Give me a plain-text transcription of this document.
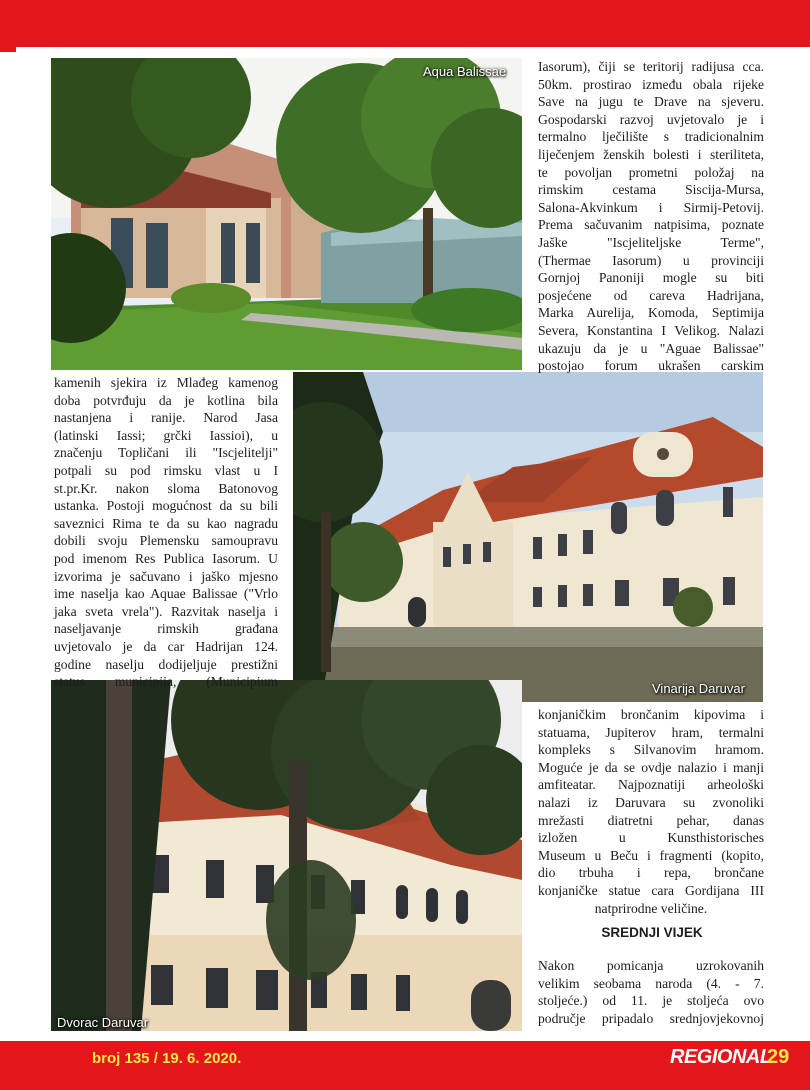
Aqua Balissae
Vinarija Daruvar
Dvorac Daruvar
Iasorum), čiji se teritorij radijusa cca.
50km. prostirao između obala rijeke
Save na jugu te Drave na sjeveru.
Gospodarski razvoj uvjetovalo je i
termalno lječilište s tradicionalnim
liječenjem ženskih bolesti i steriliteta,
te povoljan prometni položaj na
rimskim cestama Siscija-Mursa,
Salona-Akvinkum i Sirmij-Petovij.
Prema sačuvanim natpisima, poznate
Jaške "Iscjeliteljske Terme",
(Thermae Iasorum) u provinciji
Gornjoj Panoniji mogle su biti
posjećene od careva Hadrijana,
Marka Aurelija, Komoda, Septimija
Severa, Konstantina I Velikog. Nalazi
ukazuju da je u "Aguae Balissae"
postojao forum ukrašen carskim
kamenih sjekira iz Mlađeg kamenog
doba potvrđuju da je kotlina bila
nastanjena i ranije. Narod Jasa
(latinski Iassi; grčki Iassioi), u
značenju Topličani ili "Iscjelitelji"
potpali su pod rimsku vlast u I
st.pr.Kr. nakon sloma Batonovog
ustanka. Postoji mogućnost da su bili
saveznici Rima te da su kao nagradu
dobili svoju Plemensku samoupravu
pod imenom Res Publica Iasorum. U
izvorima je sačuvano i jaško mjesno
ime naselja kao Aquae Balissae ("Vrlo
jaka sveta vrela"). Razvitak naselja i
naseljavanje rimskih građana
uvjetovalo je da car Hadrijan 124.
godine naselju dodijeljuje prestižni
status municipija, (Municipium
konjaničkim brončanim kipovima i
statuama, Jupiterov hram, termalni
kompleks s Silvanovim hramom.
Moguće je da se ovdje nalazio i manji
amfiteatar. Najpoznatiji arheološki
nalazi iz Daruvara su zvonoliki
mrežasti diatretni pehar, danas
izložen u Kunsthistorisches
Museum u Beču i fragmenti (kopito,
dio trbuha i repa, brončane
konjaničke statue cara Gordijana III
natprirodne veličine.
SREDNJI VIJEK
Nakon pomicanja uzrokovanih
velikim seobama naroda (4. - 7.
stoljeće.) od 11. je stoljeća ovo
područje pripadalo srednjovjekovnoj
broj 135 / 19. 6. 2020.	REGIONAL
29
